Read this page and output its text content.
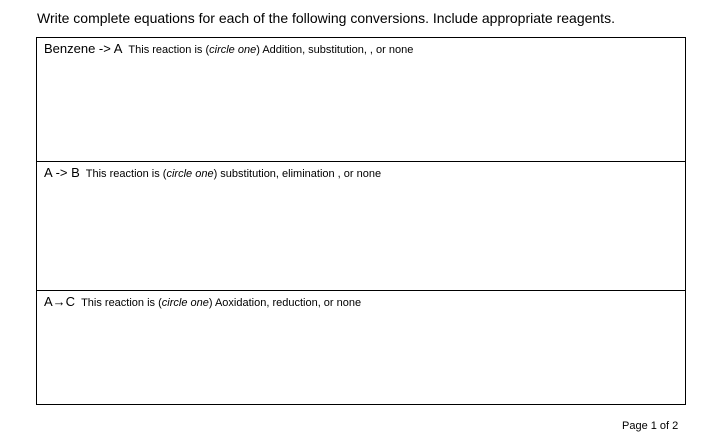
Write complete equations for each of the following conversions. Include appropriate reagents.
Benzene -> A This reaction is (circle one) Addition, substitution, , or none
A -> B This reaction is (circle one) substitution, elimination , or none
A→C This reaction is (circle one) Aoxidation, reduction, or none
Page 1 of 2
